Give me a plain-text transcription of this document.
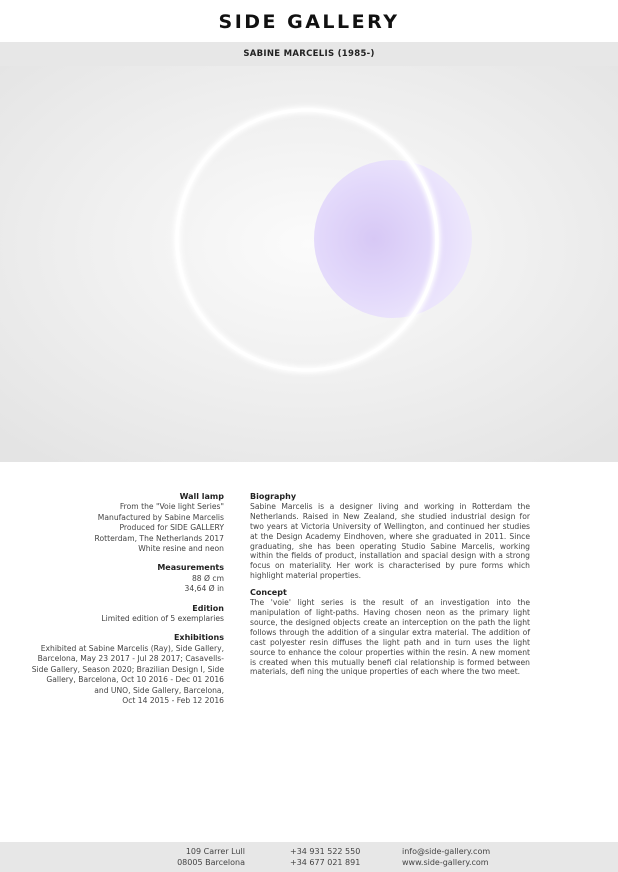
SIDE GALLERY
SABINE MARCELIS (1985-)
Wall lamp
From the "Voie light Series"
Manufactured by Sabine Marcelis
Produced for SIDE GALLERY
Rotterdam, The Netherlands 2017
White resine and neon
Measurements
88 Ø cm
34,64 Ø in
Edition
Limited edition of 5 exemplaries
Exhibitions
Exhibited at Sabine Marcelis (Ray), Side Gallery,
Barcelona, May 23 2017 - Jul 28 2017; Casavells-
Side Gallery, Season 2020; Brazilian Design I, Side
Gallery, Barcelona, Oct 10 2016 - Dec 01 2016
and UNO, Side Gallery, Barcelona,
Oct 14 2015 - Feb 12 2016
Biography

Sabine Marcelis is a designer living and working in Rotterdam the Netherlands. Raised in New Zealand, she studied industrial design for two years at Victoria University of Wellington, and continued her studies at the Design Academy Eindhoven, where she graduated in 2011. Since graduating, she has been operating Studio Sabine Marcelis, working within the fields of product, installation and spacial design with a strong focus on materiality. Her work is characterised by pure forms which highlight material properties.

Concept

The 'voie' light series is the result of an investigation into the manipulation of light-paths. Having chosen neon as the primary light source, the designed objects create an interception on the path the light follows through the addition of a singular extra material. The addition of cast polyester resin diffuses the light path and in turn uses the light source to enhance the colour properties within the resin. A new moment is created when this mutually benefi cial relationship is formed between materials, defi ning the unique properties of each where the two meet.

109 Carrer Lull
08005 Barcelona
+34 931 522 550
+34 677 021 891
info@side-gallery.com
www.side-gallery.com
